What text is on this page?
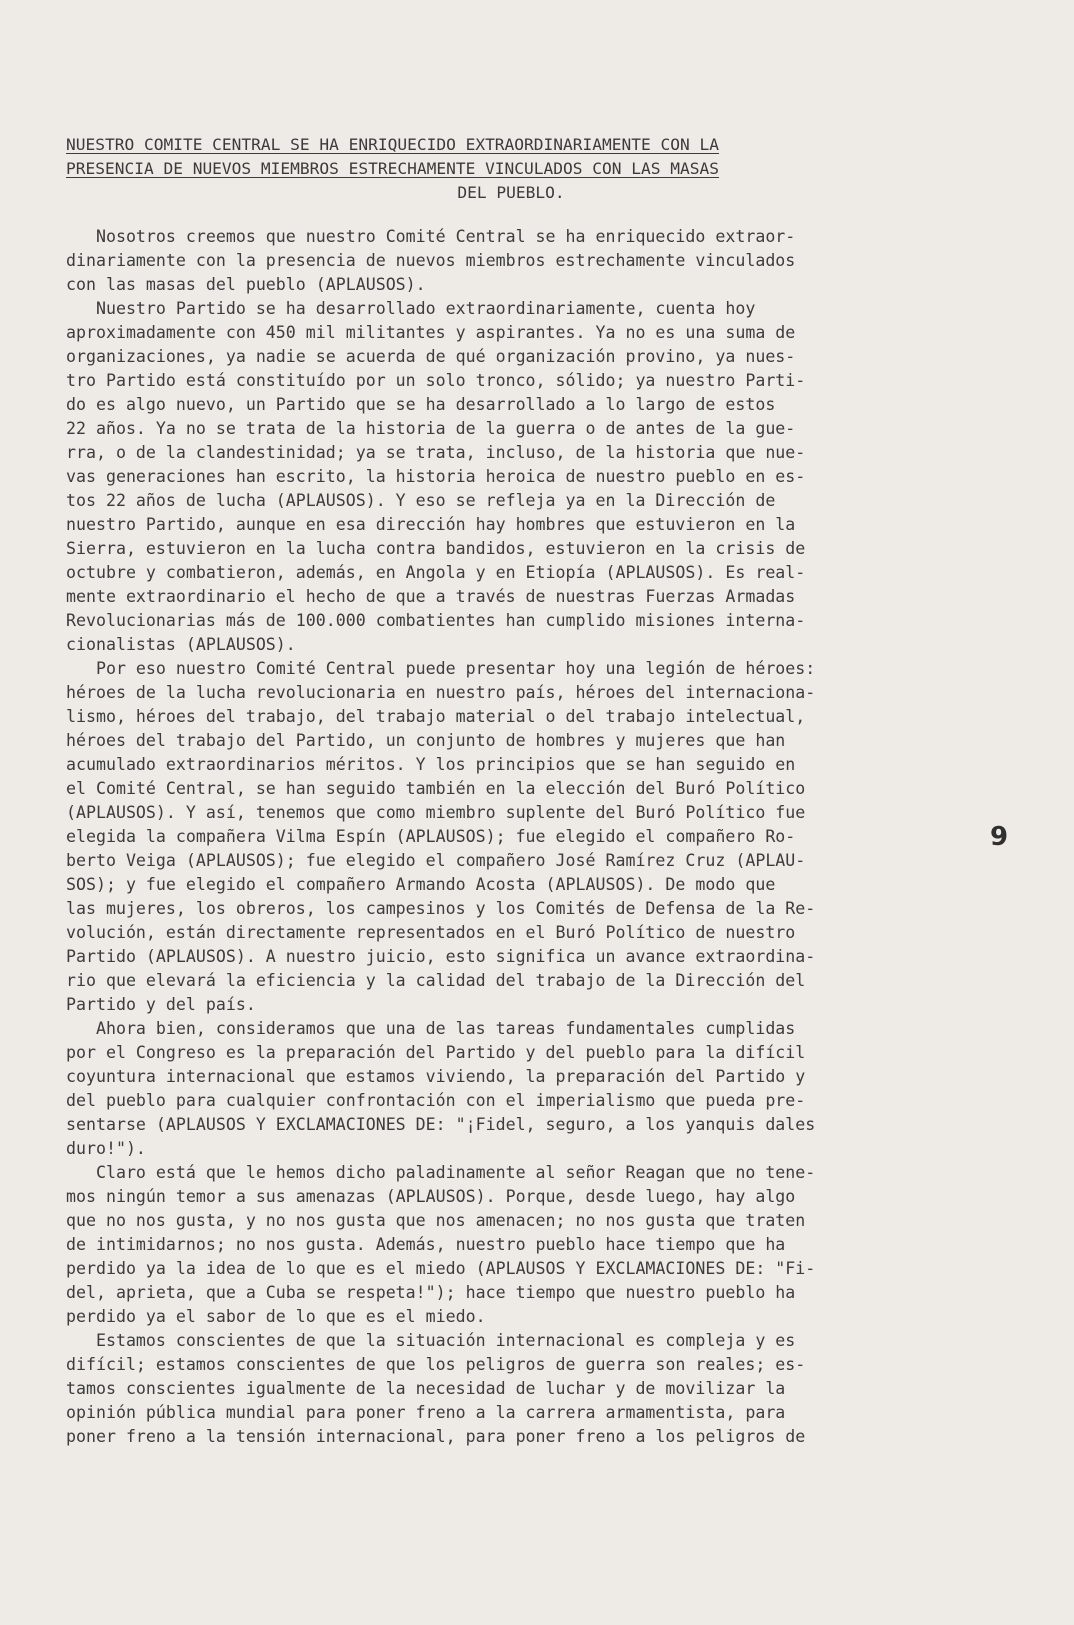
NUESTRO COMITE CENTRAL SE HA ENRIQUECIDO EXTRAORDINARIAMENTE CON LA
PRESENCIA DE NUEVOS MIEMBROS ESTRECHAMENTE VINCULADOS CON LAS MASAS
DEL PUEBLO.
Nosotros creemos que nuestro Comité Central se ha enriquecido extraor-
dinariamente con la presencia de nuevos miembros estrechamente vinculados
con las masas del pueblo (APLAUSOS).
Nuestro Partido se ha desarrollado extraordinariamente, cuenta hoy
aproximadamente con 450 mil militantes y aspirantes. Ya no es una suma de
organizaciones, ya nadie se acuerda de qué organización provino, ya nues-
tro Partido está constituído por un solo tronco, sólido; ya nuestro Parti-
do es algo nuevo, un Partido que se ha desarrollado a lo largo de estos
22 años. Ya no se trata de la historia de la guerra o de antes de la gue-
rra, o de la clandestinidad; ya se trata, incluso, de la historia que nue-
vas generaciones han escrito, la historia heroica de nuestro pueblo en es-
tos 22 años de lucha (APLAUSOS). Y eso se refleja ya en la Dirección de
nuestro Partido, aunque en esa dirección hay hombres que estuvieron en la
Sierra, estuvieron en la lucha contra bandidos, estuvieron en la crisis de
octubre y combatieron, además, en Angola y en Etiopía (APLAUSOS). Es real-
mente extraordinario el hecho de que a través de nuestras Fuerzas Armadas
Revolucionarias más de 100.000 combatientes han cumplido misiones interna-
cionalistas (APLAUSOS).
Por eso nuestro Comité Central puede presentar hoy una legión de héroes:
héroes de la lucha revolucionaria en nuestro país, héroes del internaciona-
lismo, héroes del trabajo, del trabajo material o del trabajo intelectual,
héroes del trabajo del Partido, un conjunto de hombres y mujeres que han
acumulado extraordinarios méritos. Y los principios que se han seguido en
el Comité Central, se han seguido también en la elección del Buró Político
(APLAUSOS). Y así, tenemos que como miembro suplente del Buró Político fue
elegida la compañera Vilma Espín (APLAUSOS); fue elegido el compañero Ro-
berto Veiga (APLAUSOS); fue elegido el compañero José Ramírez Cruz (APLAU-
SOS); y fue elegido el compañero Armando Acosta (APLAUSOS). De modo que
las mujeres, los obreros, los campesinos y los Comités de Defensa de la Re-
volución, están directamente representados en el Buró Político de nuestro
Partido (APLAUSOS). A nuestro juicio, esto significa un avance extraordina-
rio que elevará la eficiencia y la calidad del trabajo de la Dirección del
Partido y del país.
Ahora bien, consideramos que una de las tareas fundamentales cumplidas
por el Congreso es la preparación del Partido y del pueblo para la difícil
coyuntura internacional que estamos viviendo, la preparación del Partido y
del pueblo para cualquier confrontación con el imperialismo que pueda pre-
sentarse (APLAUSOS Y EXCLAMACIONES DE: "¡Fidel, seguro, a los yanquis dales
duro!").
Claro está que le hemos dicho paladinamente al señor Reagan que no tene-
mos ningún temor a sus amenazas (APLAUSOS). Porque, desde luego, hay algo
que no nos gusta, y no nos gusta que nos amenacen; no nos gusta que traten
de intimidarnos; no nos gusta. Además, nuestro pueblo hace tiempo que ha
perdido ya la idea de lo que es el miedo (APLAUSOS Y EXCLAMACIONES DE: "Fi-
del, aprieta, que a Cuba se respeta!"); hace tiempo que nuestro pueblo ha
perdido ya el sabor de lo que es el miedo.
Estamos conscientes de que la situación internacional es compleja y es
difícil; estamos conscientes de que los peligros de guerra son reales; es-
tamos conscientes igualmente de la necesidad de luchar y de movilizar la
opinión pública mundial para poner freno a la carrera armamentista, para
poner freno a la tensión internacional, para poner freno a los peligros de
9
